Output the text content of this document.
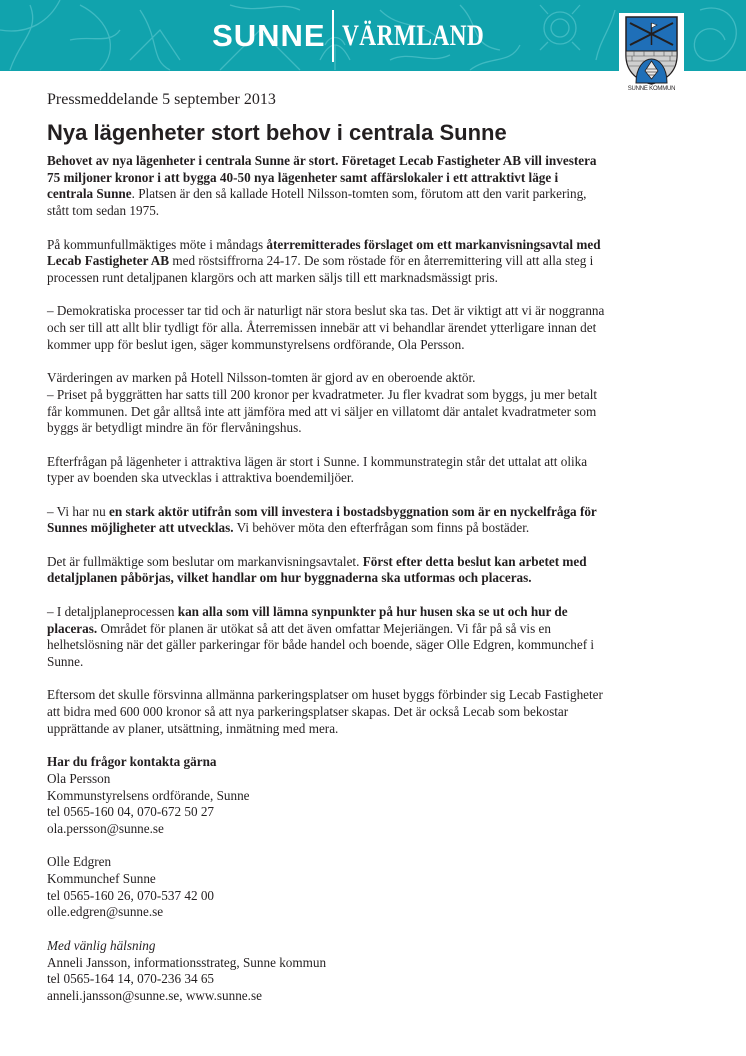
SUNNE VÄRMLAND
SUNNE KOMMUN
Pressmeddelande 5 september 2013
Nya lägenheter stort behov i centrala Sunne

Behovet av nya lägenheter i centrala Sunne är stort. Företaget Lecab Fastigheter AB vill investera 75 miljoner kronor i att bygga 40-50 nya lägenheter samt affärslokaler i ett attraktivt läge i centrala Sunne. Platsen är den så kallade Hotell Nilsson-tomten som, förutom att den varit parkering, stått tom sedan 1975.

På kommunfullmäktiges möte i måndags återremitterades förslaget om ett markanvisningsavtal med Lecab Fastigheter AB med röstsiffrorna 24-17. De som röstade för en återremittering vill att alla steg i processen runt detaljpanen klargörs och att marken säljs till ett marknadsmässigt pris.

– Demokratiska processer tar tid och är naturligt när stora beslut ska tas. Det är viktigt att vi är noggranna och ser till att allt blir tydligt för alla. Återremissen innebär att vi behandlar ärendet ytterligare innan det kommer upp för beslut igen, säger kommunstyrelsens ordförande, Ola Persson.

Värderingen av marken på Hotell Nilsson-tomten är gjord av en oberoende aktör.
– Priset på byggrätten har satts till 200 kronor per kvadratmeter. Ju fler kvadrat som byggs, ju mer betalt får kommunen. Det går alltså inte att jämföra med att vi säljer en villatomt där antalet kvadratmeter som byggs är betydligt mindre än för flervåningshus.

Efterfrågan på lägenheter i attraktiva lägen är stort i Sunne. I kommunstrategin står det uttalat att olika typer av boenden ska utvecklas i attraktiva boendemiljöer.

– Vi har nu en stark aktör utifrån som vill investera i bostadsbyggnation som är en nyckelfråga för Sunnes möjligheter att utvecklas. Vi behöver möta den efterfrågan som finns på bostäder.

Det är fullmäktige som beslutar om markanvisningsavtalet. Först efter detta beslut kan arbetet med detaljplanen påbörjas, vilket handlar om hur byggnaderna ska utformas och placeras.

– I detaljplaneprocessen kan alla som vill lämna synpunkter på hur husen ska se ut och hur de placeras. Området för planen är utökat så att det även omfattar Mejeriängen. Vi får på så vis en helhetslösning när det gäller parkeringar för både handel och boende, säger Olle Edgren, kommunchef i Sunne.

Eftersom det skulle försvinna allmänna parkeringsplatser om huset byggs förbinder sig Lecab Fastigheter att bidra med 600 000 kronor så att nya parkeringsplatser skapas. Det är också Lecab som bekostar upprättande av planer, utsättning, inmätning med mera.

Har du frågor kontakta gärna

Ola Persson
Kommunstyrelsens ordförande, Sunne
tel 0565-160 04, 070-672 50 27
ola.persson@sunne.se

Olle Edgren
Kommunchef Sunne
tel 0565-160 26, 070-537 42 00
olle.edgren@sunne.se

Med vänlig hälsning
Anneli Jansson, informationsstrateg, Sunne kommun
tel 0565-164 14, 070-236 34 65
anneli.jansson@sunne.se, www.sunne.se
